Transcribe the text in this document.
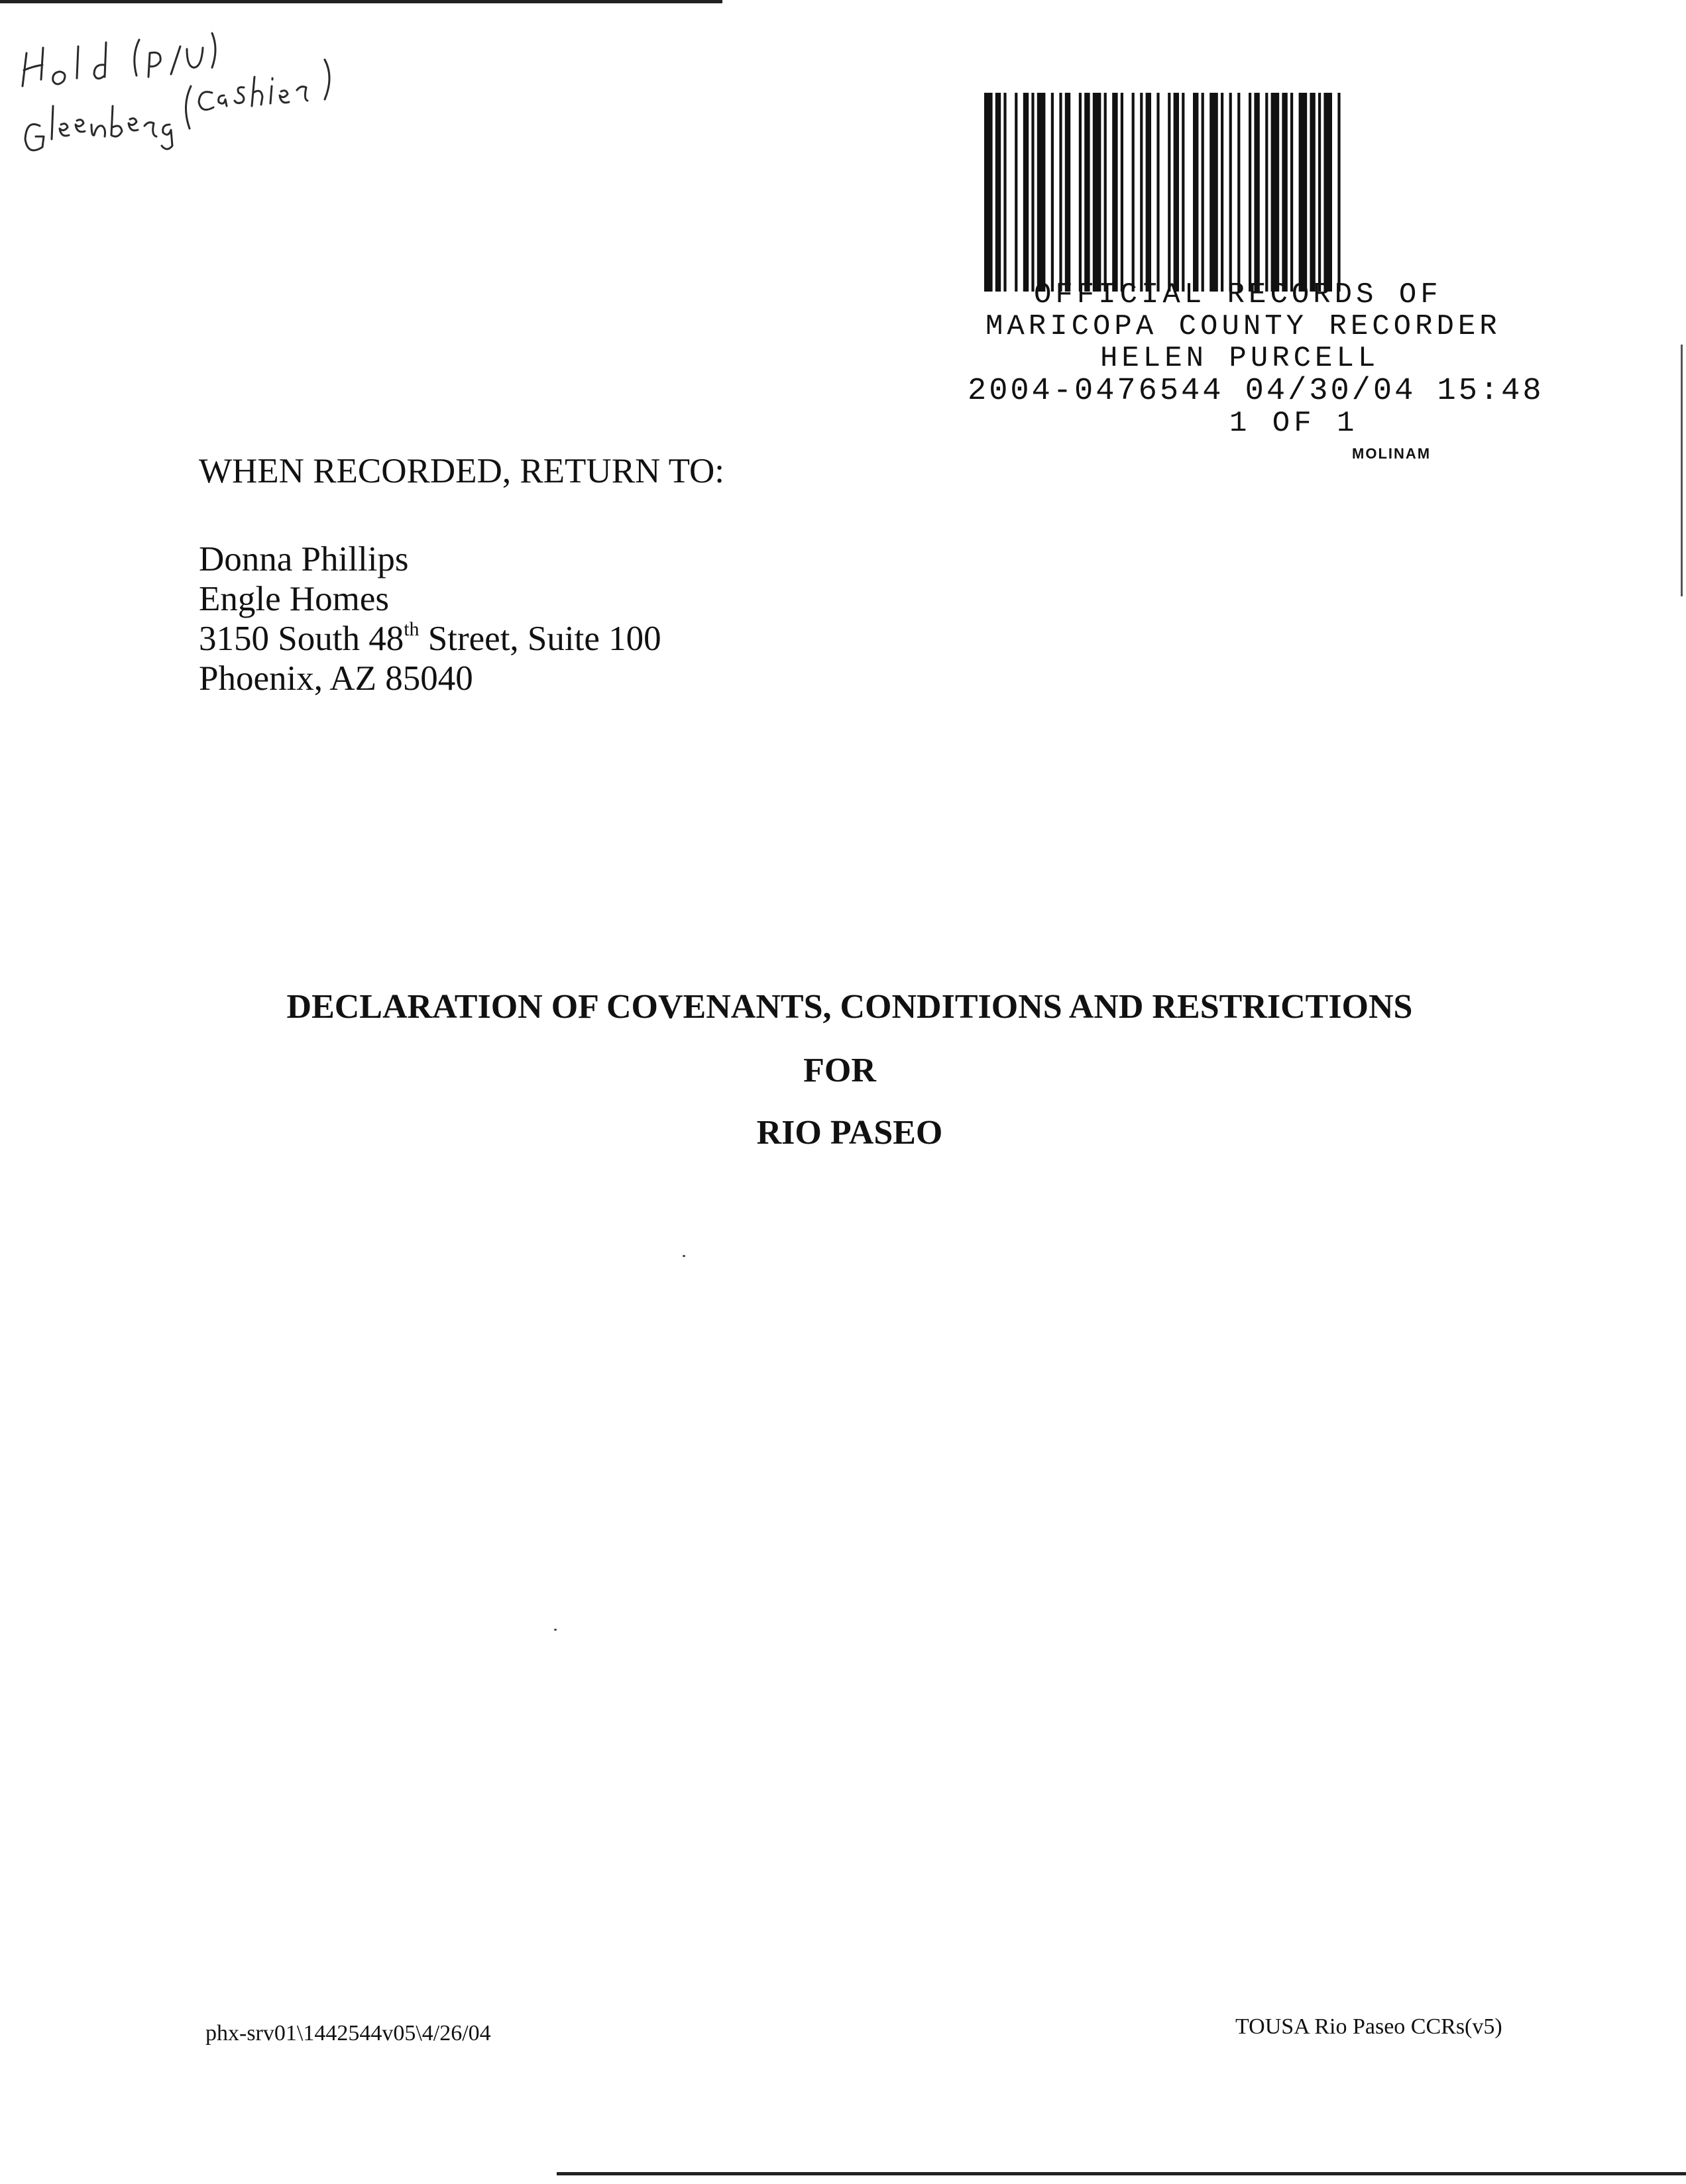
OFFICIAL RECORDS OF
MARICOPA COUNTY RECORDER
HELEN PURCELL
2004-0476544 04/30/04 15:48
1 OF 1
MOLINAM
WHEN RECORDED, RETURN TO:
Donna Phillips
Engle Homes
3150 South 48th Street, Suite 100
Phoenix, AZ 85040
DECLARATION OF COVENANTS, CONDITIONS AND RESTRICTIONS
FOR
RIO PASEO
phx-srv01\1442544v05\4/26/04	TOUSA Rio Paseo CCRs(v5)
